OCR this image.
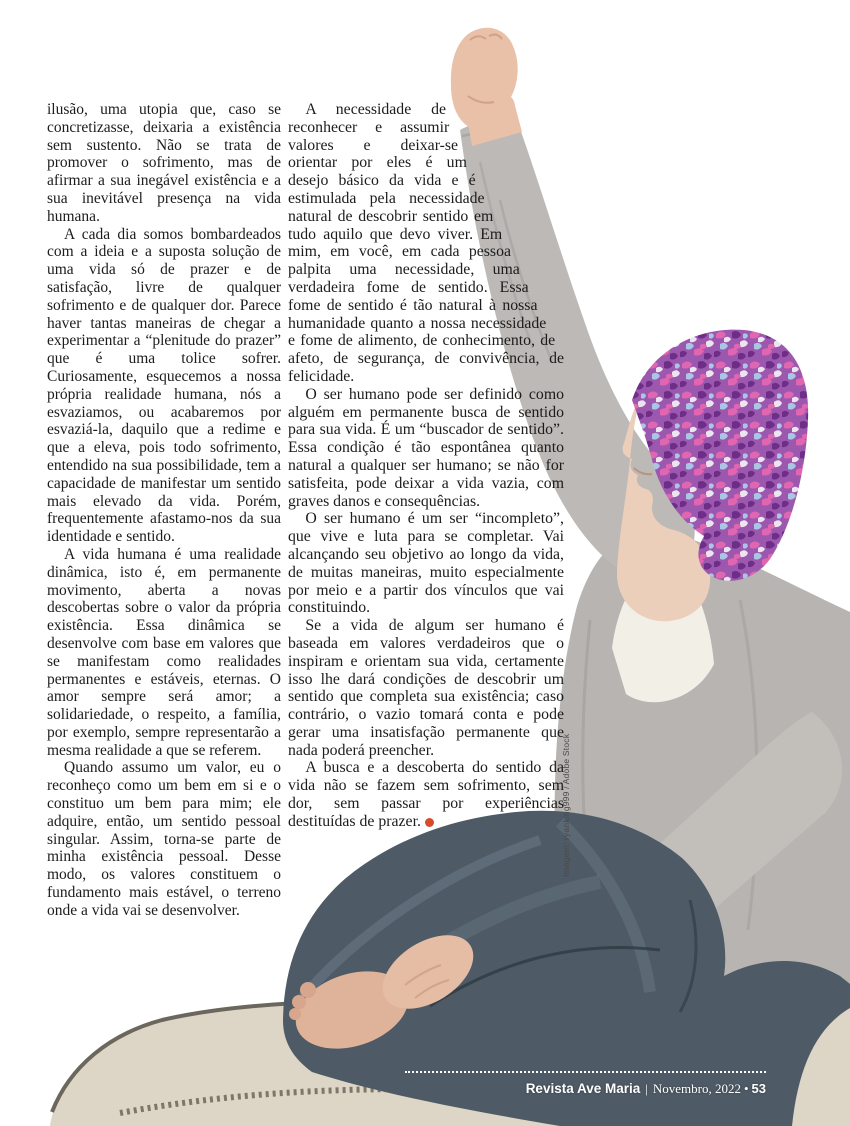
ilusão, uma utopia que, caso se concretizasse, deixaria a existência sem sustento. Não se trata de promover o sofrimento, mas de afirmar a sua inegável existência e a sua inevitável presença na vida humana.

A cada dia somos bombardeados com a ideia e a suposta solução de uma vida só de prazer e de satisfação, livre de qualquer sofrimento e de qualquer dor. Parece haver tantas maneiras de chegar a experimentar a “plenitude do prazer” que é uma tolice sofrer. Curiosamente, esquecemos a nossa própria realidade humana, nós a esvaziamos, ou acabaremos por esvaziá-la, daquilo que a redime e que a eleva, pois todo sofrimento, entendido na sua possibilidade, tem a capacidade de manifestar um sentido mais elevado da vida. Porém, frequentemente afastamo-nos da sua identidade e sentido.

A vida humana é uma realidade dinâmica, isto é, em permanente movimento, aberta a novas descobertas sobre o valor da própria existência. Essa dinâmica se desenvolve com base em valores que se manifestam como realidades permanentes e estáveis, eternas. O amor sempre será amor; a solidariedade, o respeito, a família, por exemplo, sempre representarão a mesma realidade a que se referem.

Quando assumo um valor, eu o reconheço como um bem em si e o constituo um bem para mim; ele adquire, então, um sentido pessoal singular. Assim, torna-se parte de minha existência pessoal. Desse modo, os valores constituem o fundamento mais estável, o terreno onde a vida vai se desenvolver.

A necessidade de reconhecer e assumir valores e deixar-se orientar por eles é um desejo básico da vida e é estimulada pela necessidade natural de descobrir sentido em tudo aquilo que devo viver. Em mim, em você, em cada pessoa palpita uma necessidade, uma verdadeira fome de sentido. Essa fome de sentido é tão natural à nossa humanidade quanto a nossa necessidade e fome de alimento, de conhecimento, de afeto, de segurança, de convivência, de felicidade.

O ser humano pode ser definido como alguém em permanente busca de sentido para sua vida. É um “buscador de sentido”. Essa condição é tão espontânea quanto natural a qualquer ser humano; se não for satisfeita, pode deixar a vida vazia, com graves danos e consequências.

O ser humano é um ser “incompleto”, que vive e luta para se completar. Vai alcançando seu objetivo ao longo da vida, de muitas maneiras, muito especialmente por meio e a partir dos vínculos que vai constituindo.

Se a vida de algum ser humano é baseada em valores verdadeiros que o inspiram e orientam sua vida, certamente isso lhe dará condições de descobrir um sentido que completa sua existência; caso contrário, o vazio tomará conta e pode gerar uma insatisfação permanente que nada poderá preencher.

A busca e a descoberta do sentido da vida não se fazem sem sofrimento, sem dor, sem passar por experiências destituídas de prazer.	Imagem: ryanking999 / Adobe Stock
Revista Ave Maria | Novembro, 2022 • 53
